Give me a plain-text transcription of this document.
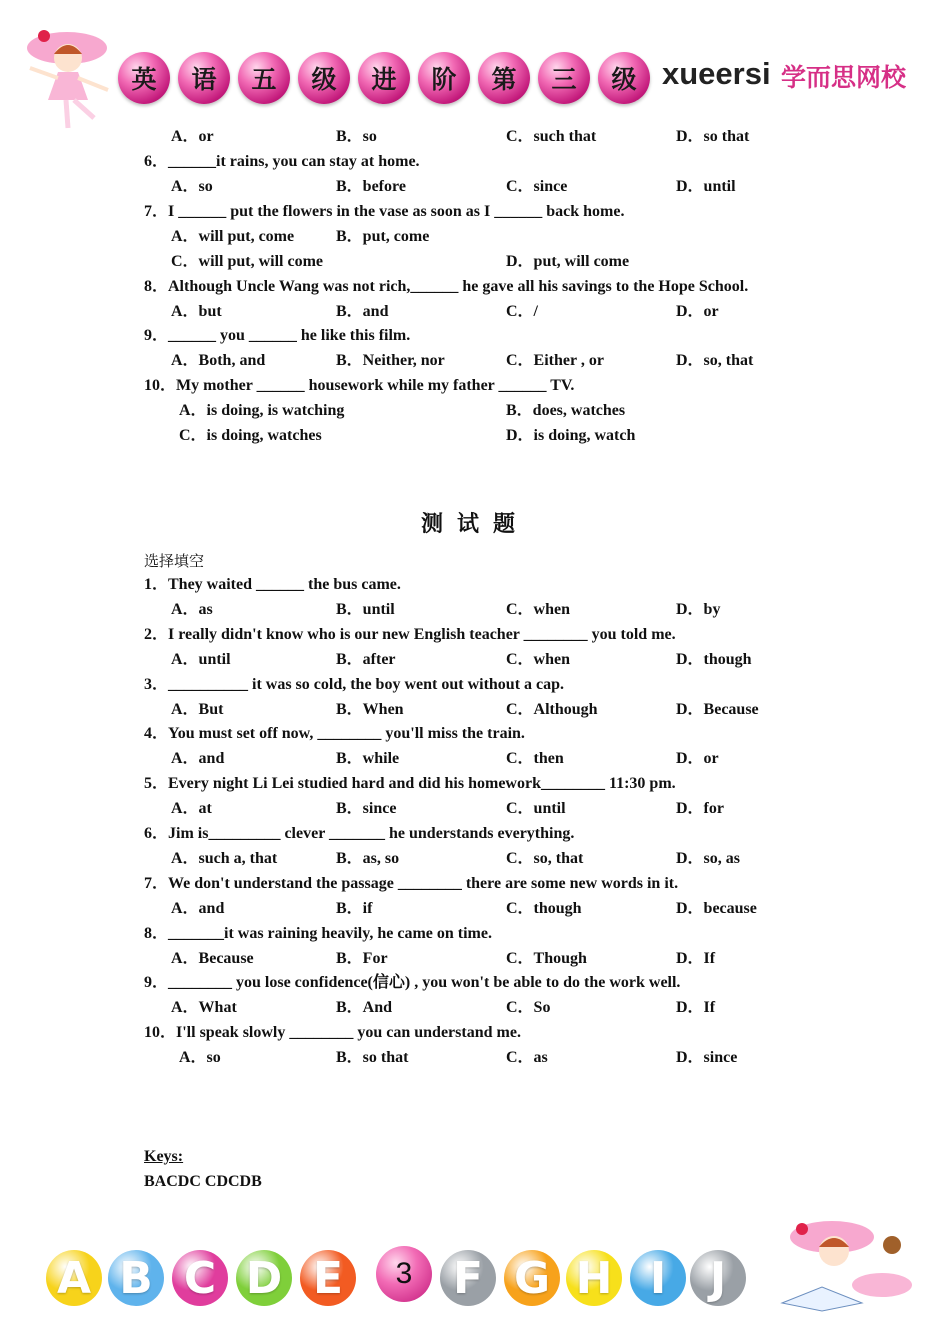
英	语	五	级	进	阶	第	三	级 xueersi 学而思网校
A．or	B．so	C．such that	D．so that
6．______it rains, you can stay at home.
A．so	B．before	C．since	D．until
7．I ______ put the flowers in the vase as soon as I ______ back home.
A．will put, come	B．put, come
C．will put, will come	D．put, will come
8．Although Uncle Wang was not rich,______ he gave all his savings to the Hope School.
A．but	B．and	C．/	D．or
9．______ you ______ he like this film.
A．Both, and	B．Neither, nor	C．Either , or	D．so, that
10．My mother ______ housework while my father ______ TV.
A．is doing, is watching	B．does, watches
C．is doing, watches	D．is doing, watch
测试题
选择填空
1．They waited ______ the bus came.
A．as	B．until	C．when	D．by
2．I really didn't know who is our new English teacher ________ you told me.
A．until	B．after	C．when	D．though
3．__________ it was so cold, the boy went out without a cap.
A．But	B．When	C．Although	D．Because
4．You must set off now, ________ you'll miss the train.
A．and	B．while	C．then	D．or
5．Every night Li Lei studied hard and did his homework________ 11:30 pm.
A．at	B．since	C．until	D．for
6．Jim is_________ clever _______ he understands everything.
A．such a, that	B．as, so	C．so, that	D．so, as
7．We don't understand the passage ________ there are some new words in it.
A．and	B．if	C．though	D．because
8．_______it was raining heavily, he came on time.
A．Because	B．For	C．Though	D．If
9．________ you lose confidence(信心) , you won't be able to do the work well.
A．What	B．And	C．So	D．If
10．I'll speak slowly ________ you can understand me.
A．so	B．so that	C．as	D．since
Keys:
BACDC CDCDB
A B C D E	3 F G H I J
